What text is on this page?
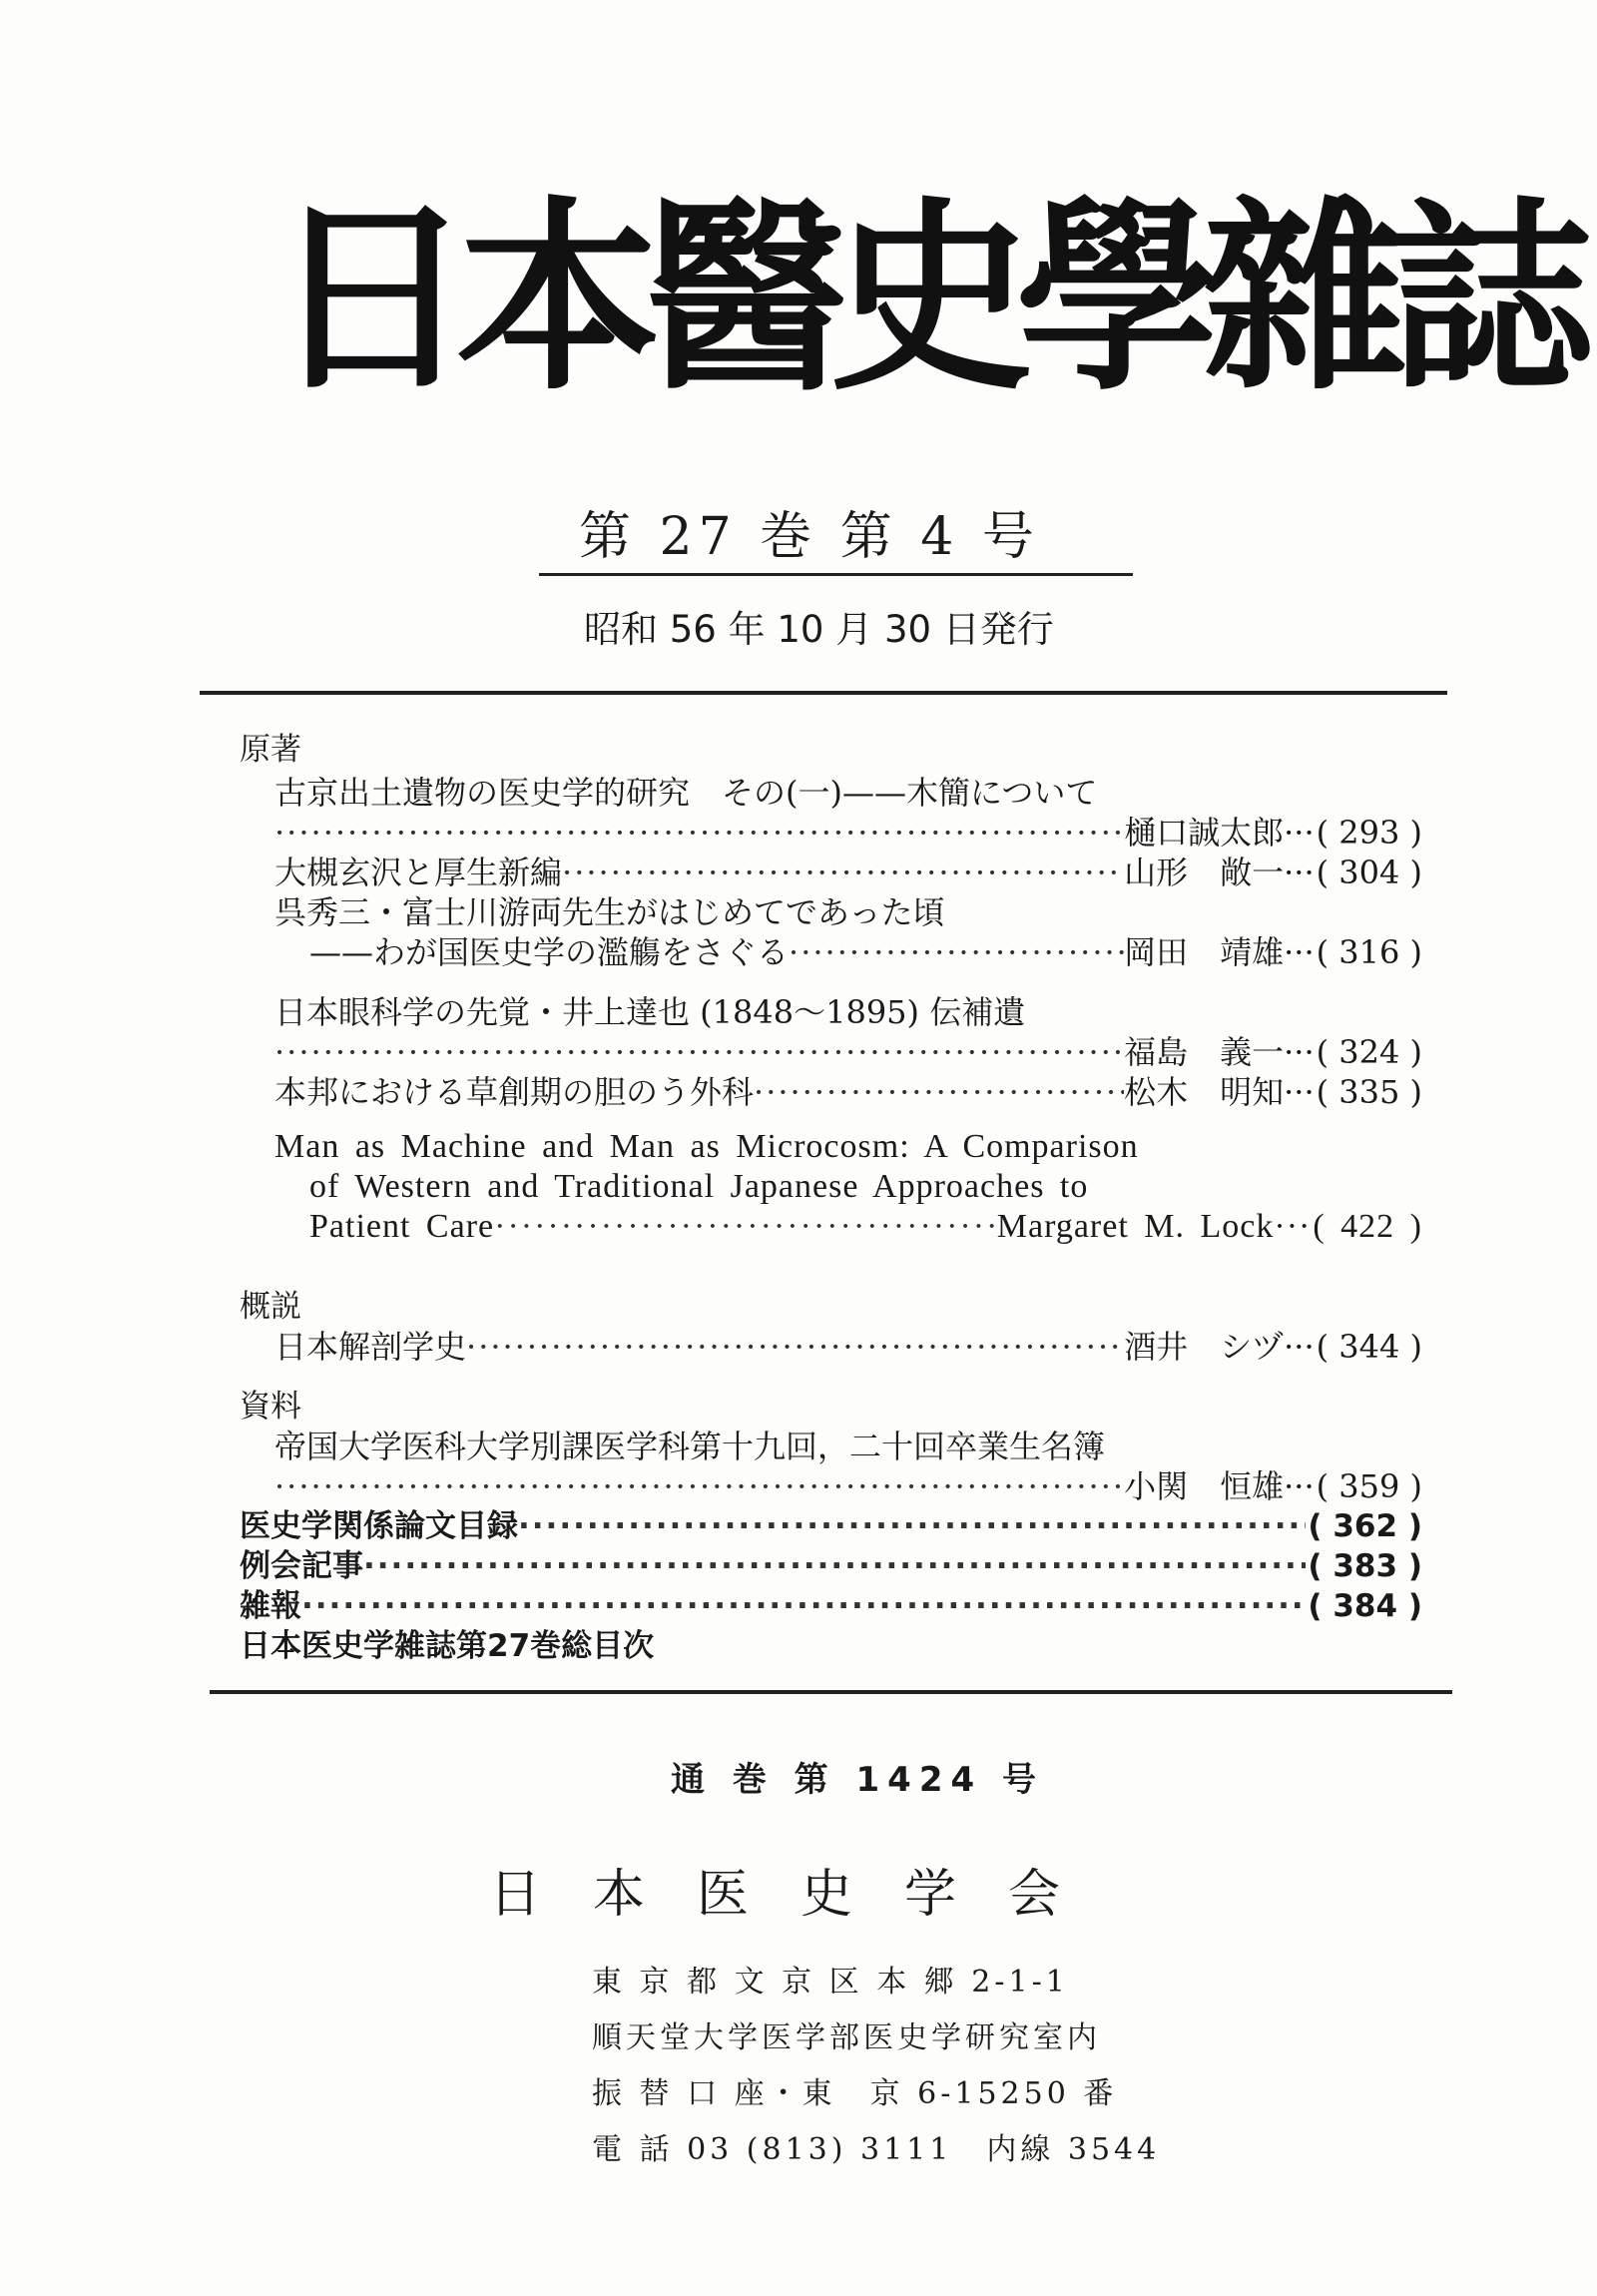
日本醫史學雜誌
第 27 巻 第 4 号
昭和 56 年 10 月 30 日発行
原著
古京出土遺物の医史学的研究　その(一)——木簡について
·····
樋口誠太郎 ··· ( 293 )
大槻玄沢と厚生新編 ·····	山形　敞一 ··· ( 304 )
呉秀三・富士川游両先生がはじめてであった頃
——わが国医史学の濫觴をさぐる ·····	岡田　靖雄 ··· ( 316 )
日本眼科学の先覚・井上達也 (1848～1895) 伝補遺
·····
福島　義一 ··· ( 324 )
本邦における草創期の胆のう外科 ·····	松木　明知 ··· ( 335 )
Man as Machine and Man as Microcosm: A Comparison
of Western and Traditional Japanese Approaches to
Patient Care ·····	Margaret M. Lock ··· ( 422 )
概説
日本解剖学史 ·····	酒井　シヅ ··· ( 344 )
資料
帝国大学医科大学別課医学科第十九回，二十回卒業生名簿
·····
小関　恒雄 ··· ( 359 )
医史学関係論文目録 ·····	( 362 )
例会記事 ·····	( 383 )
雑報 ·····	( 384 )
日本医史学雑誌第27巻総目次
通 巻 第 1424 号
日本医史学会
東 京 都 文 京 区 本 郷 2-1-1
順天堂大学医学部医史学研究室内
振 替 口 座・東　京 6-15250 番
電 話 03 (813) 3111　内線 3544
